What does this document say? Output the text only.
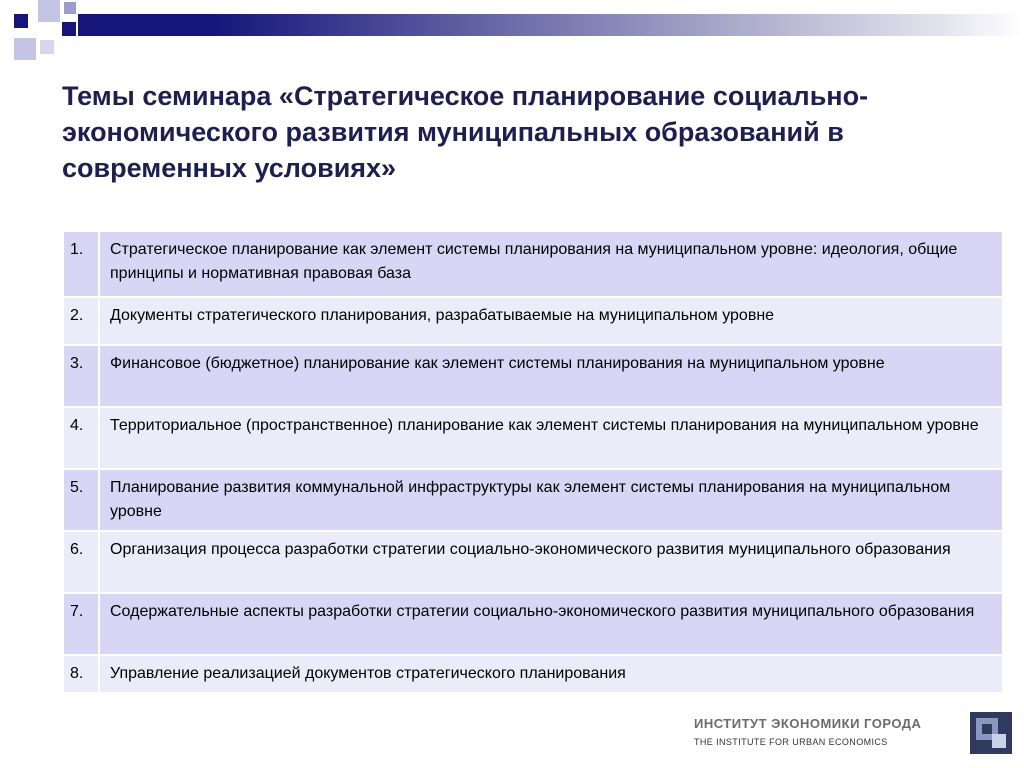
Темы семинара «Стратегическое планирование социально-экономического развития муниципальных образований в современных условиях»
1.	Стратегическое планирование как элемент системы планирования на муниципальном уровне: идеология, общие принципы и нормативная правовая база
2.	Документы стратегического планирования, разрабатываемые на муниципальном уровне
3.	Финансовое (бюджетное) планирование как элемент системы планирования на муниципальном уровне
4.	Территориальное (пространственное) планирование как элемент системы планирования на муниципальном уровне
5.	Планирование развития коммунальной инфраструктуры как элемент системы планирования на муниципальном уровне
6.	Организация процесса разработки стратегии социально-экономического развития муниципального образования
7.	Содержательные аспекты разработки стратегии социально-экономического развития муниципального образования
8.	Управление реализацией документов стратегического планирования
ИНСТИТУТ ЭКОНОМИКИ ГОРОДА
THE INSTITUTE FOR URBAN ECONOMICS
